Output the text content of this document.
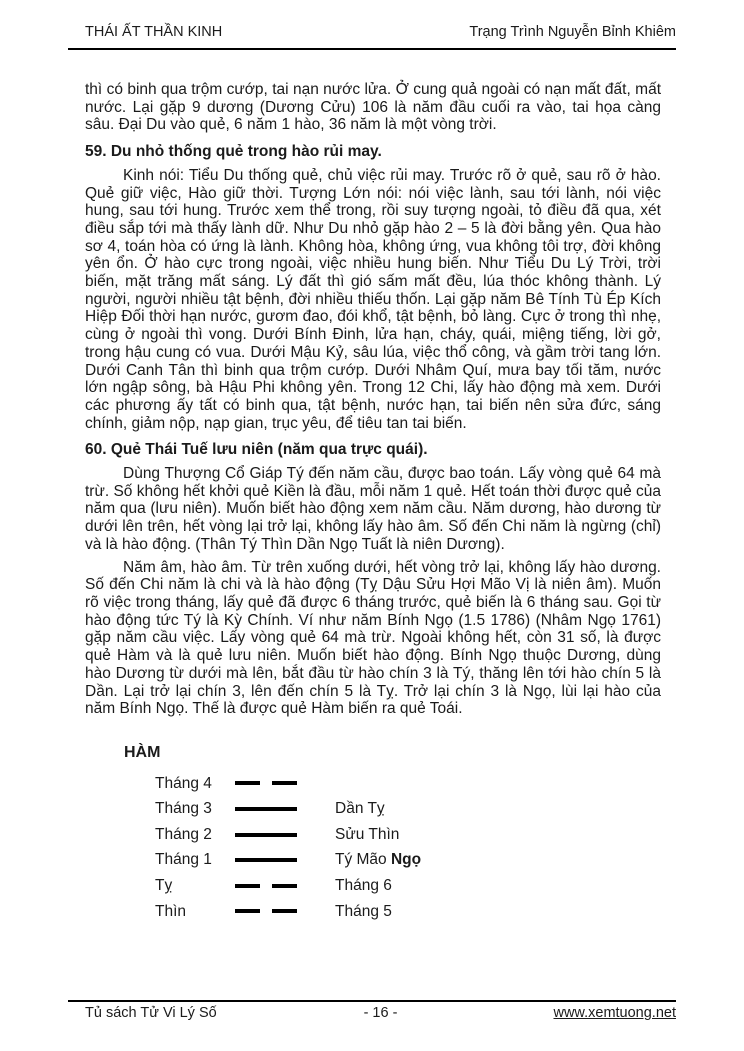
THÁI ẤT THẦN KINH	Trạng Trình Nguyễn Bỉnh Khiêm

thì có binh qua trộm cướp, tai nạn nước lửa. Ở cung quả ngoài có nạn mất đất, mất nước. Lại gặp 9 dương (Dương Cửu) 106 là năm đầu cuối ra vào, tai họa càng sâu. Đại Du vào quẻ, 6 năm 1 hào, 36 năm là một vòng trời.

59. Du nhỏ thống quẻ trong hào rủi may.

Kinh nói: Tiểu Du thống quẻ, chủ việc rủi may. Trước rõ ở quẻ, sau rõ ở hào. Quẻ giữ việc, Hào giữ thời. Tượng Lớn nói: nói việc lành, sau tới lành, nói việc hung, sau tới hung. Trước xem thể trong, rồi suy tượng ngoài, tỏ điều đã qua, xét điều sắp tới mà thấy lành dữ. Như Du nhỏ gặp hào 2 – 5 là đời bằng yên. Qua hào sơ 4, toán hòa có ứng là lành. Không hòa, không ứng, vua không tôi trợ, đời không yên ổn. Ở hào cực trong ngoài, việc nhiều hung biến. Như Tiểu Du Lý Trời, trời biến, mặt trăng mất sáng. Lý đất thì gió sấm mất đều, lúa thóc không thành. Lý người, người nhiều tật bệnh, đời nhiều thiếu thốn. Lại gặp năm Bê Tính Tù Ép Kích Hiệp Đối thời hạn nước, gươm đao, đói khổ, tật bệnh, bỏ làng. Cực ở trong thì nhẹ, cùng ở ngoài thì vong. Dưới Bính Đinh, lửa hạn, cháy, quái, miệng tiếng, lời gở, trong hậu cung có vua. Dưới Mậu Kỷ, sâu lúa, việc thổ công, và gầm trời tang lớn. Dưới Canh Tân thì binh qua trộm cướp. Dưới Nhâm Quí, mưa bay tối tăm, nước lớn ngập sông, bà Hậu Phi không yên. Trong 12 Chi, lấy hào động mà xem. Dưới các phương ấy tất có binh qua, tật bệnh, nước hạn, tai biến nên sửa đức, sáng chính, giảm nộp, nạp gian, trục yêu, để tiêu tan tai biến.

60. Quẻ Thái Tuế lưu niên (năm qua trực quái).

Dùng Thượng Cổ Giáp Tý đến năm cầu, được bao toán. Lấy vòng quẻ 64 mà trừ. Số không hết khởi quẻ Kiền là đầu, mỗi năm 1 quẻ. Hết toán thời được quẻ của năm qua (lưu niên). Muốn biết hào động xem năm cầu. Năm dương, hào dương từ dưới lên trên, hết vòng lại trở lại, không lấy hào âm. Số đến Chi năm là ngừng (chỉ) và là hào động. (Thân Tý Thìn Dần Ngọ Tuất là niên Dương).

Năm âm, hào âm. Từ trên xuống dưới, hết vòng trở lại, không lấy hào dương. Số đến Chi năm là chi và là hào động (Tỵ Dậu Sửu Hợi Mão Vị là niên âm). Muốn rõ việc trong tháng, lấy quẻ đã được 6 tháng trước, quẻ biến là 6 tháng sau. Gọi từ hào động tức Tý là Kỳ Chính. Ví như năm Bính Ngọ (1.5 1786) (Nhâm Ngọ 1761) gặp năm cầu việc. Lấy vòng quẻ 64 mà trừ. Ngoài không hết, còn 31 số, là được quẻ Hàm và là quẻ lưu niên. Muốn biết hào động. Bính Ngọ thuộc Dương, dùng hào Dương từ dưới mà lên, bắt đầu từ hào chín 3 là Tý, thăng lên tới hào chín 5 là Dần. Lại trở lại chín 3, lên đến chín 5 là Tỵ. Trở lại chín 3 là Ngọ, lùi lại hào của năm Bính Ngọ. Thế là được quẻ Hàm biến ra quẻ Toái.

HÀM
Tháng 4
Tháng 3	Dần Tỵ
Tháng 2	Sửu Thìn
Tháng 1	Tý Mão Ngọ
Tỵ	Tháng 6
Thìn	Tháng 5
Tủ sách Tử Vi Lý Số	- 16 -	www.xemtuong.net
